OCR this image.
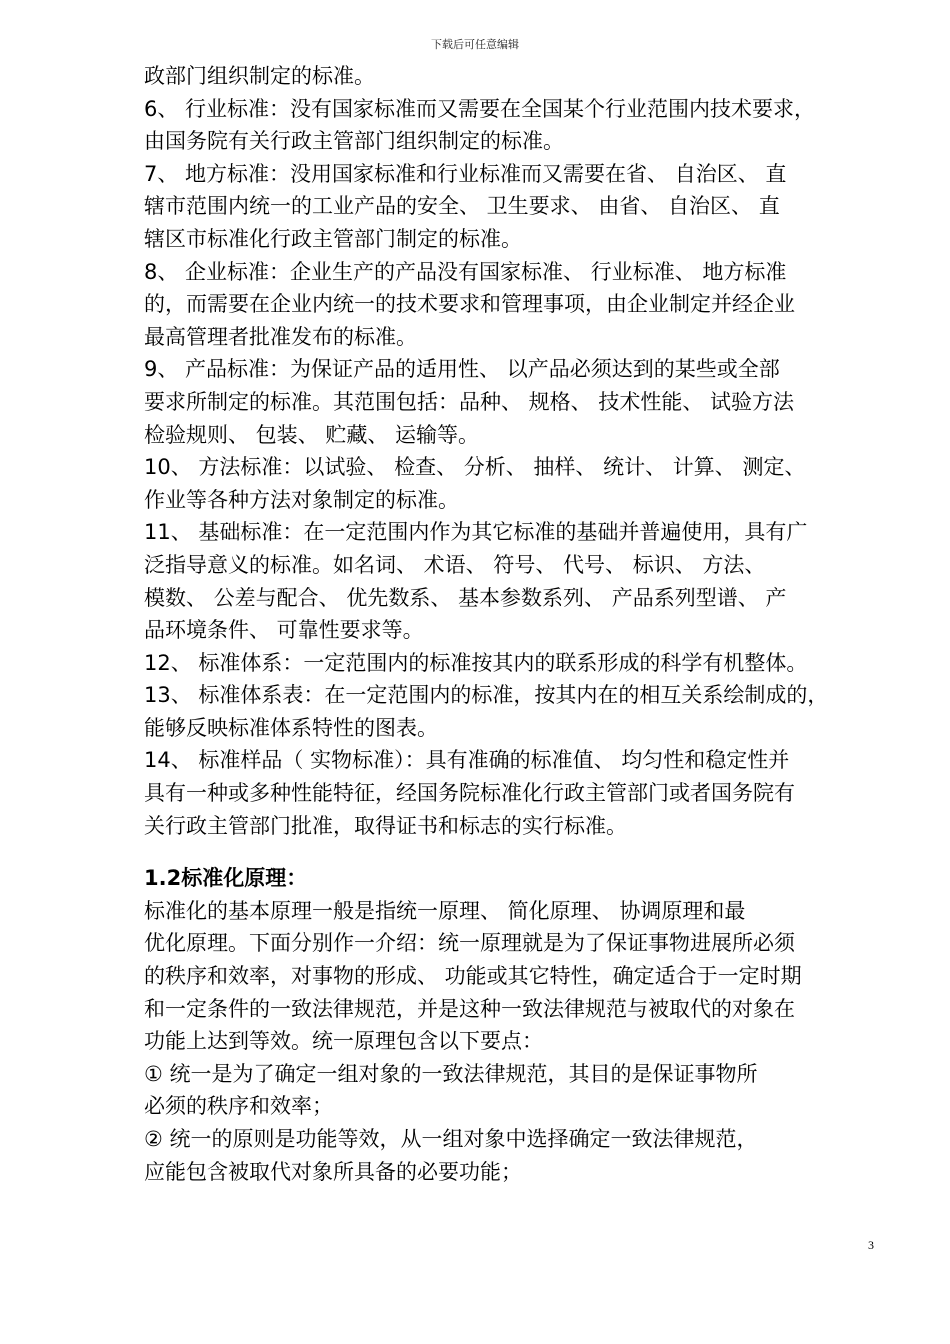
下载后可任意编辑
政部门组织制定的标准。
6、 行业标准：没有国家标准而又需要在全国某个行业范围内技术要求，
由国务院有关行政主管部门组织制定的标准。
7、 地方标准：没用国家标准和行业标准而又需要在省、 自治区、 直
辖市范围内统一的工业产品的安全、 卫生要求、 由省、 自治区、 直
辖区市标准化行政主管部门制定的标准。
8、 企业标准：企业生产的产品没有国家标准、 行业标准、 地方标准
的，而需要在企业内统一的技术要求和管理事项，由企业制定并经企业
最高管理者批准发布的标准。
9、 产品标准：为保证产品的适用性、 以产品必须达到的某些或全部
要求所制定的标准。其范围包括：品种、 规格、 技术性能、 试验方法
检验规则、 包装、 贮藏、 运输等。
10、 方法标准：以试验、 检查、 分析、 抽样、 统计、 计算、 测定、
作业等各种方法对象制定的标准。
11、 基础标准：在一定范围内作为其它标准的基础并普遍使用，具有广
泛指导意义的标准。如名词、 术语、 符号、 代号、 标识、 方法、
模数、 公差与配合、 优先数系、 基本参数系列、 产品系列型谱、 产
品环境条件、 可靠性要求等。
12、 标准体系：一定范围内的标准按其内的联系形成的科学有机整体。
13、 标准体系表：在一定范围内的标准，按其内在的相互关系绘制成的，
能够反映标准体系特性的图表。
14、 标准样品（ 实物标准）：具有准确的标准值、 均匀性和稳定性并
具有一种或多种性能特征，经国务院标准化行政主管部门或者国务院有
关行政主管部门批准，取得证书和标志的实行标准。
1.2标准化原理：
标准化的基本原理一般是指统一原理、 简化原理、 协调原理和最
优化原理。下面分别作一介绍：统一原理就是为了保证事物进展所必须
的秩序和效率，对事物的形成、 功能或其它特性，确定适合于一定时期
和一定条件的一致法律规范，并是这种一致法律规范与被取代的对象在
功能上达到等效。统一原理包含以下要点：
① 统一是为了确定一组对象的一致法律规范，其目的是保证事物所
必须的秩序和效率；
② 统一的原则是功能等效，从一组对象中选择确定一致法律规范，
应能包含被取代对象所具备的必要功能；
3
